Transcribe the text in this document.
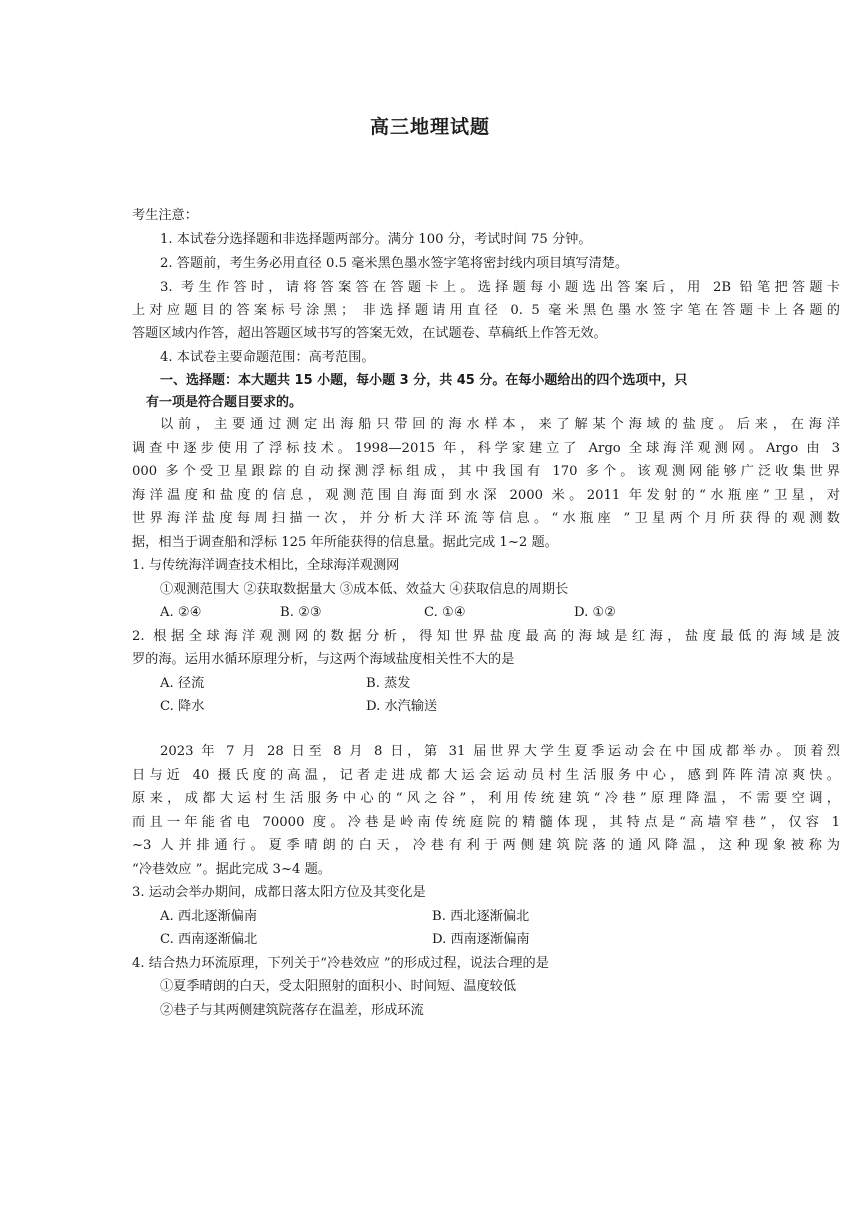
高三地理试题
考生注意：
1. 本试卷分选择题和非选择题两部分。满分 100 分，考试时间 75 分钟。
2. 答题前，考生务必用直径 0.5 毫米黑色墨水签字笔将密封线内项目填写清楚。
3. 考生作答时，请将答案答在答题卡上。选择题每小题选出答案后，用 2B 铅笔把答题卡
上对应题目的答案标号涂黑； 非选择题请用直径 0. 5 毫米黑色墨水签字笔在答题卡上各题的
答题区域内作答，超出答题区域书写的答案无效，在试题卷、草稿纸上作答无效。
4. 本试卷主要命题范围：高考范围。
一、选择题：本大题共 15 小题，每小题 3 分，共 45 分。在每小题给出的四个选项中，只
有一项是符合题目要求的。
以前，主要通过测定出海船只带回的海水样本，来了解某个海域的盐度。后来，在海洋
调查中逐步使用了浮标技术。1998—2015 年，科学家建立了 Argo 全球海洋观测网。Argo 由 3
000 多个受卫星跟踪的自动探测浮标组成，其中我国有 170 多个。该观测网能够广泛收集世界
海洋温度和盐度的信息，观测范围自海面到水深 2000 米。2011 年发射的“水瓶座”卫星，对
世界海洋盐度每周扫描一次，并分析大洋环流等信息。“水瓶座 ”卫星两个月所获得的观测数
据，相当于调查船和浮标 125 年所能获得的信息量。据此完成 1~2 题。
1. 与传统海洋调查技术相比，全球海洋观测网
①观测范围大 ②获取数据量大 ③成本低、效益大 ④获取信息的周期长
A. ②④	B. ②③	C. ①④	D. ①②
2. 根据全球海洋观测网的数据分析，得知世界盐度最高的海域是红海，盐度最低的海域是波
罗的海。运用水循环原理分析，与这两个海域盐度相关性不大的是
A. 径流	B. 蒸发
C. 降水	D. 水汽输送
2023 年 7 月 28 日至 8 月 8 日，第 31 届世界大学生夏季运动会在中国成都举办。顶着烈
日与近 40 摄氏度的高温，记者走进成都大运会运动员村生活服务中心，感到阵阵清凉爽快。
原来，成都大运村生活服务中心的“风之谷”，利用传统建筑“冷巷”原理降温，不需要空调，
而且一年能省电 70000 度。冷巷是岭南传统庭院的精髓体现，其特点是“高墙窄巷”，仅容 1
~3 人并排通行。夏季晴朗的白天，冷巷有利于两侧建筑院落的通风降温，这种现象被称为
“冷巷效应 ”。据此完成 3~4 题。
3. 运动会举办期间，成都日落太阳方位及其变化是
A. 西北逐渐偏南	B. 西北逐渐偏北
C. 西南逐渐偏北	D. 西南逐渐偏南
4. 结合热力环流原理，下列关于“冷巷效应 ”的形成过程，说法合理的是
①夏季晴朗的白天，受太阳照射的面积小、时间短、温度较低
②巷子与其两侧建筑院落存在温差，形成环流
